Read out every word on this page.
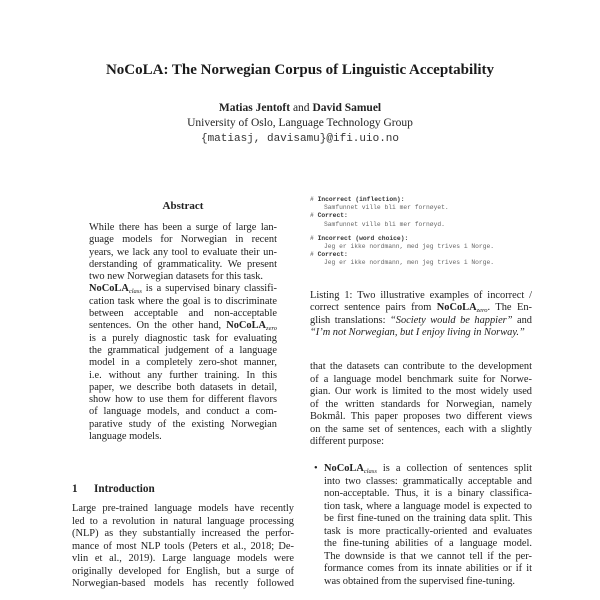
NoCoLA: The Norwegian Corpus of Linguistic Acceptability
Matias Jentoft and David Samuel
University of Oslo, Language Technology Group
{matiasj, davisamu}@ifi.uio.no
Abstract
While there has been a surge of large lan-
guage models for Norwegian in recent
years, we lack any tool to evaluate their un-
derstanding of grammaticality. We present
two new Norwegian datasets for this task.
NoCoLA$_{class}$ is a supervised binary classifi-
cation task where the goal is to discriminate
between acceptable and non-acceptable
sentences. On the other hand, NoCoLA$_{zero}$
is a purely diagnostic task for evaluating
the grammatical judgement of a language
model in a completely zero-shot manner,
i.e. without any further training. In this
paper, we describe both datasets in detail,
show how to use them for different flavors
of language models, and conduct a com-
parative study of the existing Norwegian
language models.
1 Introduction
Large pre-trained language models have recently
led to a revolution in natural language processing
(NLP) as they substantially increased the perfor-
mance of most NLP tools (Peters et al., 2018; De-
vlin et al., 2019). Large language models were
originally developed for English, but a surge of
Norwegian-based models has recently followed
# Incorrect (inflection):
Samfunnet ville bli mer fornøyet.
# Correct:
Samfunnet ville bli mer fornøyd.
# Incorrect (word choice):
Jeg er ikke nordmann, med jeg trives i Norge.
# Correct:
Jeg er ikke nordmann, men jeg trives i Norge.
Listing 1: Two illustrative examples of incorrect /
correct sentence pairs from NoCoLA$_{zero}$. The En-
glish translations: “Society would be happier” and
“I’m not Norwegian, but I enjoy living in Norway.”
that the datasets can contribute to the development
of a language model benchmark suite for Norwe-
gian. Our work is limited to the most widely used
of the written standards for Norwegian, namely
Bokmål. This paper proposes two different views
on the same set of sentences, each with a slightly
different purpose:
• NoCoLA$_{class}$ is a collection of sentences split
into two classes: grammatically acceptable and
non-acceptable. Thus, it is a binary classifica-
tion task, where a language model is expected to
be first fine-tuned on the training data split. This
task is more practically-oriented and evaluates
the fine-tuning abilities of a language model.
The downside is that we cannot tell if the per-
formance comes from its innate abilities or if it
was obtained from the supervised fine-tuning.
